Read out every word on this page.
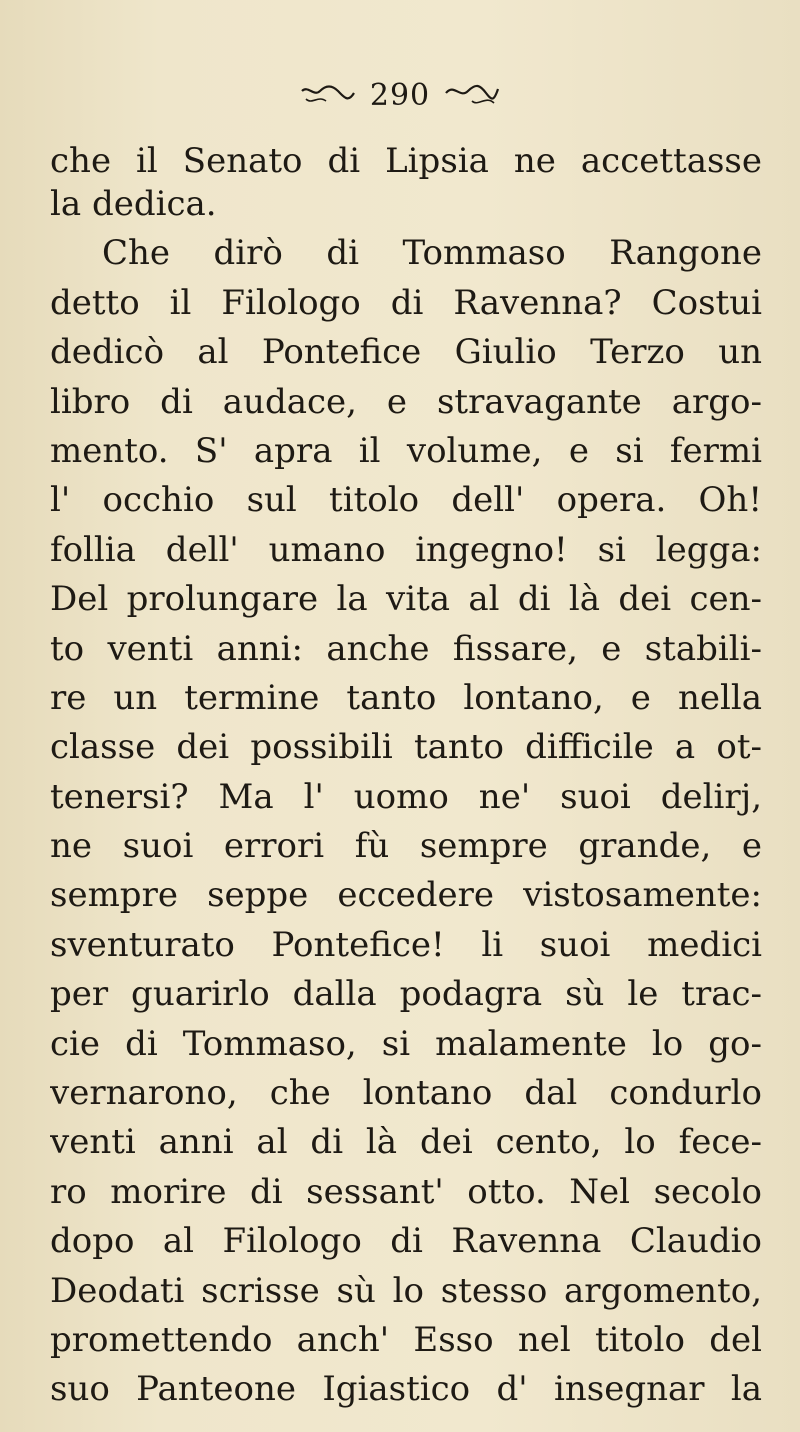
290
che il Senato di Lipsia ne accettasse
la dedica.
Che dirò di Tommaso Rangone
detto il Filologo di Ravenna? Costui
dedicò al Pontefice Giulio Terzo un
libro di audace, e stravagante argo-
mento. S' apra il volume, e si fermi
l' occhio sul titolo dell' opera. Oh!
follia dell' umano ingegno! si legga:
Del prolungare la vita al di là dei cen-
to venti anni: anche fissare, e stabili-
re un termine tanto lontano, e nella
classe dei possibili tanto difficile a ot-
tenersi? Ma l' uomo ne' suoi delirj,
ne suoi errori fù sempre grande, e
sempre seppe eccedere vistosamente:
sventurato Pontefice! li suoi medici
per guarirlo dalla podagra sù le trac-
cie di Tommaso, si malamente lo go-
vernarono, che lontano dal condurlo
venti anni al di là dei cento, lo fece-
ro morire di sessant' otto. Nel secolo
dopo al Filologo di Ravenna Claudio
Deodati scrisse sù lo stesso argomento,
promettendo anch' Esso nel titolo del
suo Panteone Igiastico d' insegnar la
